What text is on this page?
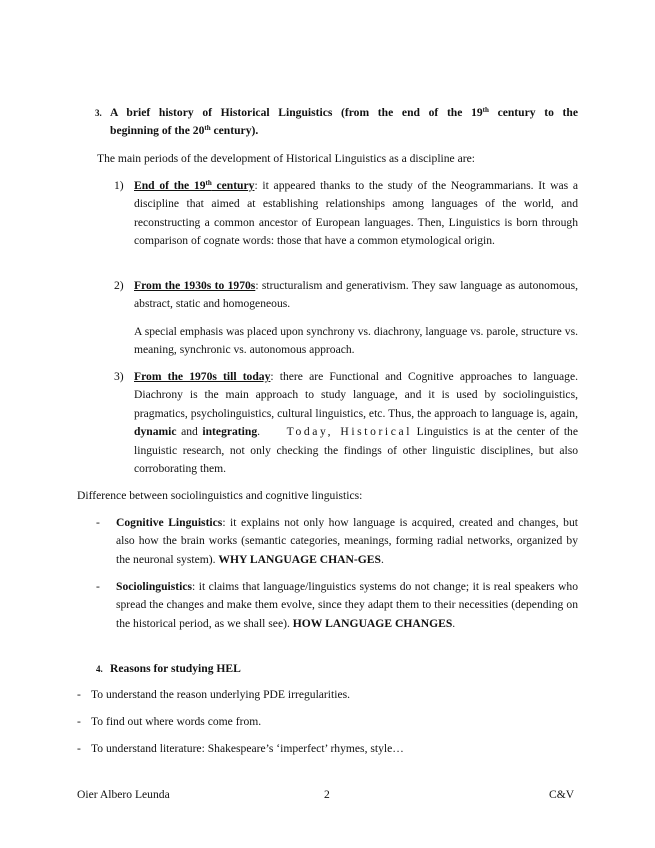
3. A brief history of Historical Linguistics (from the end of the 19th century to the
beginning of the 20th century).
The main periods of the development of Historical Linguistics as a discipline are:
1) End of the 19th century: it appeared thanks to the study of the Neogrammarians. It was a discipline that aimed at establishing relationships among languages of the world, and reconstructing a common ancestor of European languages. Then, Linguistics is born through comparison of cognate words: those that have a common etymological origin.
2) From the 1930s to 1970s: structuralism and generativism. They saw language as autonomous, abstract, static and homogeneous.
A special emphasis was placed upon synchrony vs. diachrony, language vs. parole, structure vs. meaning, synchronic vs. autonomous approach.
3) From the 1970s till today: there are Functional and Cognitive approaches to language. Diachrony is the main approach to study language, and it is used by sociolinguistics, pragmatics, psycholinguistics, cultural linguistics, etc. Thus, the approach to language is, again, dynamic and integrating. Today, Historical Linguistics is at the center of the linguistic research, not only checking the findings of other linguistic disciplines, but also corroborating them.
Difference between sociolinguistics and cognitive linguistics:
- Cognitive Linguistics: it explains not only how language is acquired, created and changes, but also how the brain works (semantic categories, meanings, forming radial networks, organized by the neuronal system). WHY LANGUAGE CHAN-GES.
- Sociolinguistics: it claims that language/linguistics systems do not change; it is real speakers who spread the changes and make them evolve, since they adapt them to their necessities (depending on the historical period, as we shall see). HOW LANGUAGE CHANGES.
4. Reasons for studying HEL
- To understand the reason underlying PDE irregularities.
- To find out where words come from.
- To understand literature: Shakespeare’s ‘imperfect’ rhymes, style…
Oier Albero Leunda	2	C&V
